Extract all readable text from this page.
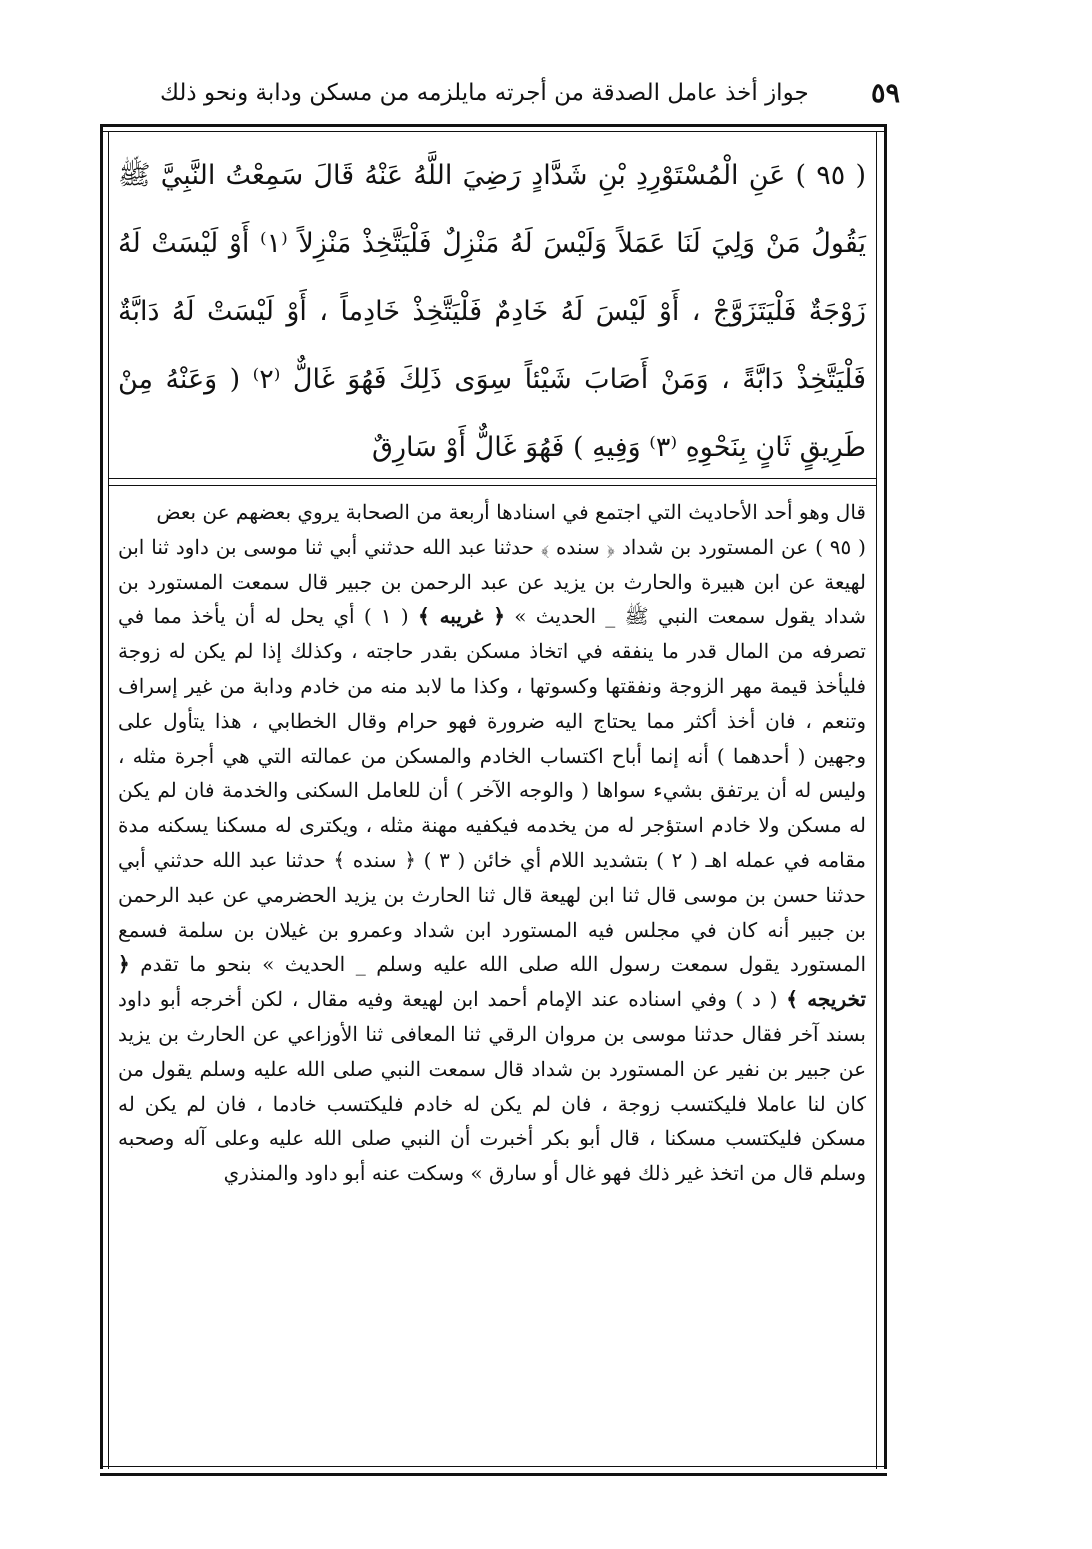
٥٩
جواز أخذ عامل الصدقة من أجرته مايلزمه من مسكن ودابة ونحو ذلك

( ٩٥ ) عَنِ الْمُسْتَوْرِدِ بْنِ شَدَّادٍ رَضِيَ اللَّهُ عَنْهُ قَالَ سَمِعْتُ النَّبِيَّ ﷺ يَقُولُ مَنْ وَلِيَ لَنَا عَمَلاً وَلَيْسَ لَهُ مَنْزِلٌ فَلْيَتَّخِذْ مَنْزِلاً ⁽١⁾ أَوْ لَيْسَتْ لَهُ زَوْجَةٌ فَلْيَتَزَوَّجْ ، أَوْ لَيْسَ لَهُ خَادِمٌ فَلْيَتَّخِذْ خَادِماً ، أَوْ لَيْسَتْ لَهُ دَابَّةٌ فَلْيَتَّخِذْ دَابَّةً ، وَمَنْ أَصَابَ شَيْئاً سِوَى ذَلِكَ فَهُوَ غَالٌّ ⁽٢⁾ ( وَعَنْهُ مِنْ طَرِيقٍ ثَانٍ بِنَحْوِهِ ⁽٣⁾ وَفِيهِ ) فَهُوَ غَالٌّ أَوْ سَارِقٌ

قال وهو أحد الأحاديث التي اجتمع في اسنادها أربعة من الصحابة يروي بعضهم عن بعض

( ٩٥ ) عن المستورد بن شداد ﴿ سنده ﴾ حدثنا عبد الله حدثني أبي ثنا موسى بن داود ثنا ابن لهيعة عن ابن هبيرة والحارث بن يزيد عن عبد الرحمن بن جبير قال سمعت المستورد بن شداد يقول سمعت النبي ﷺ _ الحديث » ﴿ غريبه ﴾ ( ١ ) أي يحل له أن يأخذ مما في تصرفه من المال قدر ما ينفقه في اتخاذ مسكن بقدر حاجته ، وكذلك إذا لم يكن له زوجة فليأخذ قيمة مهر الزوجة ونفقتها وكسوتها ، وكذا ما لابد منه من خادم ودابة من غير إسراف وتنعم ، فان أخذ أكثر مما يحتاج اليه ضرورة فهو حرام وقال الخطابي ، هذا يتأول على وجهين ( أحدهما ) أنه إنما أباح اكتساب الخادم والمسكن من عمالته التي هي أجرة مثله ، وليس له أن يرتفق بشيء سواها ( والوجه الآخر ) أن للعامل السكنى والخدمة فان لم يكن له مسكن ولا خادم استؤجر له من يخدمه فيكفيه مهنة مثله ، ويكترى له مسكنا يسكنه مدة مقامه في عمله اهـ ( ٢ ) بتشديد اللام أي خائن ( ٣ ) ﴿ سنده ﴾ حدثنا عبد الله حدثني أبي حدثنا حسن بن موسى قال ثنا ابن لهيعة قال ثنا الحارث بن يزيد الحضرمي عن عبد الرحمن بن جبير أنه كان في مجلس فيه المستورد ابن شداد وعمرو بن غيلان بن سلمة فسمع المستورد يقول سمعت رسول الله صلى الله عليه وسلم _ الحديث » بنحو ما تقدم ﴿ تخريجه ﴾ ( د ) وفي اسناده عند الإمام أحمد ابن لهيعة وفيه مقال ، لكن أخرجه أبو داود بسند آخر فقال حدثنا موسى بن مروان الرقي ثنا المعافى ثنا الأوزاعي عن الحارث بن يزيد عن جبير بن نفير عن المستورد بن شداد قال سمعت النبي صلى الله عليه وسلم يقول من كان لنا عاملا فليكتسب زوجة ، فان لم يكن له خادم فليكتسب خادما ، فان لم يكن له مسكن فليكتسب مسكنا ، قال أبو بكر أخبرت أن النبي صلى الله عليه وعلى آله وصحبه وسلم قال من اتخذ غير ذلك فهو غال أو سارق » وسكت عنه أبو داود والمنذري
